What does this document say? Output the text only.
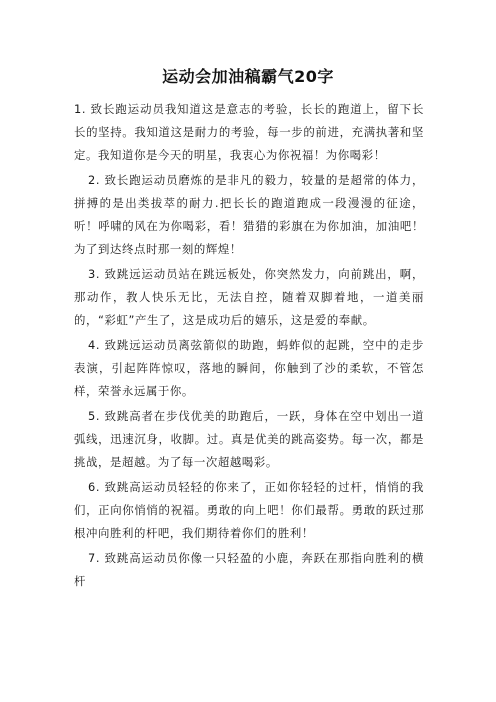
运动会加油稿霸气20字

1. 致长跑运动员我知道这是意志的考验，长长的跑道上，留下长长的坚持。我知道这是耐力的考验，每一步的前进，充满执著和坚定。我知道你是今天的明星，我衷心为你祝福！为你喝彩！

2. 致长跑运动员磨炼的是非凡的毅力，较量的是超常的体力，拼搏的是出类拔萃的耐力.把长长的跑道跑成一段漫漫的征途，听！呼啸的风在为你喝彩，看！猎猎的彩旗在为你加油，加油吧！为了到达终点时那一刻的辉煌！

3. 致跳远运动员站在跳远板处，你突然发力，向前跳出，啊，那动作，教人快乐无比，无法自控，随着双脚着地，一道美丽的，“彩虹”产生了，这是成功后的嬉乐，这是爱的奉献。

4. 致跳远运动员离弦箭似的助跑，蚂蚱似的起跳，空中的走步表演，引起阵阵惊叹，落地的瞬间，你触到了沙的柔软，不管怎样，荣誉永远属于你。

5. 致跳高者在步伐优美的助跑后，一跃，身体在空中划出一道弧线，迅速沉身，收脚。过。真是优美的跳高姿势。每一次，都是挑战，是超越。为了每一次超越喝彩。

6. 致跳高运动员轻轻的你来了，正如你轻轻的过杆，悄悄的我们，正向你悄悄的祝福。勇敢的向上吧！你们最帮。勇敢的跃过那根冲向胜利的杆吧，我们期待着你们的胜利！

7. 致跳高运动员你像一只轻盈的小鹿，奔跃在那指向胜利的横杆
